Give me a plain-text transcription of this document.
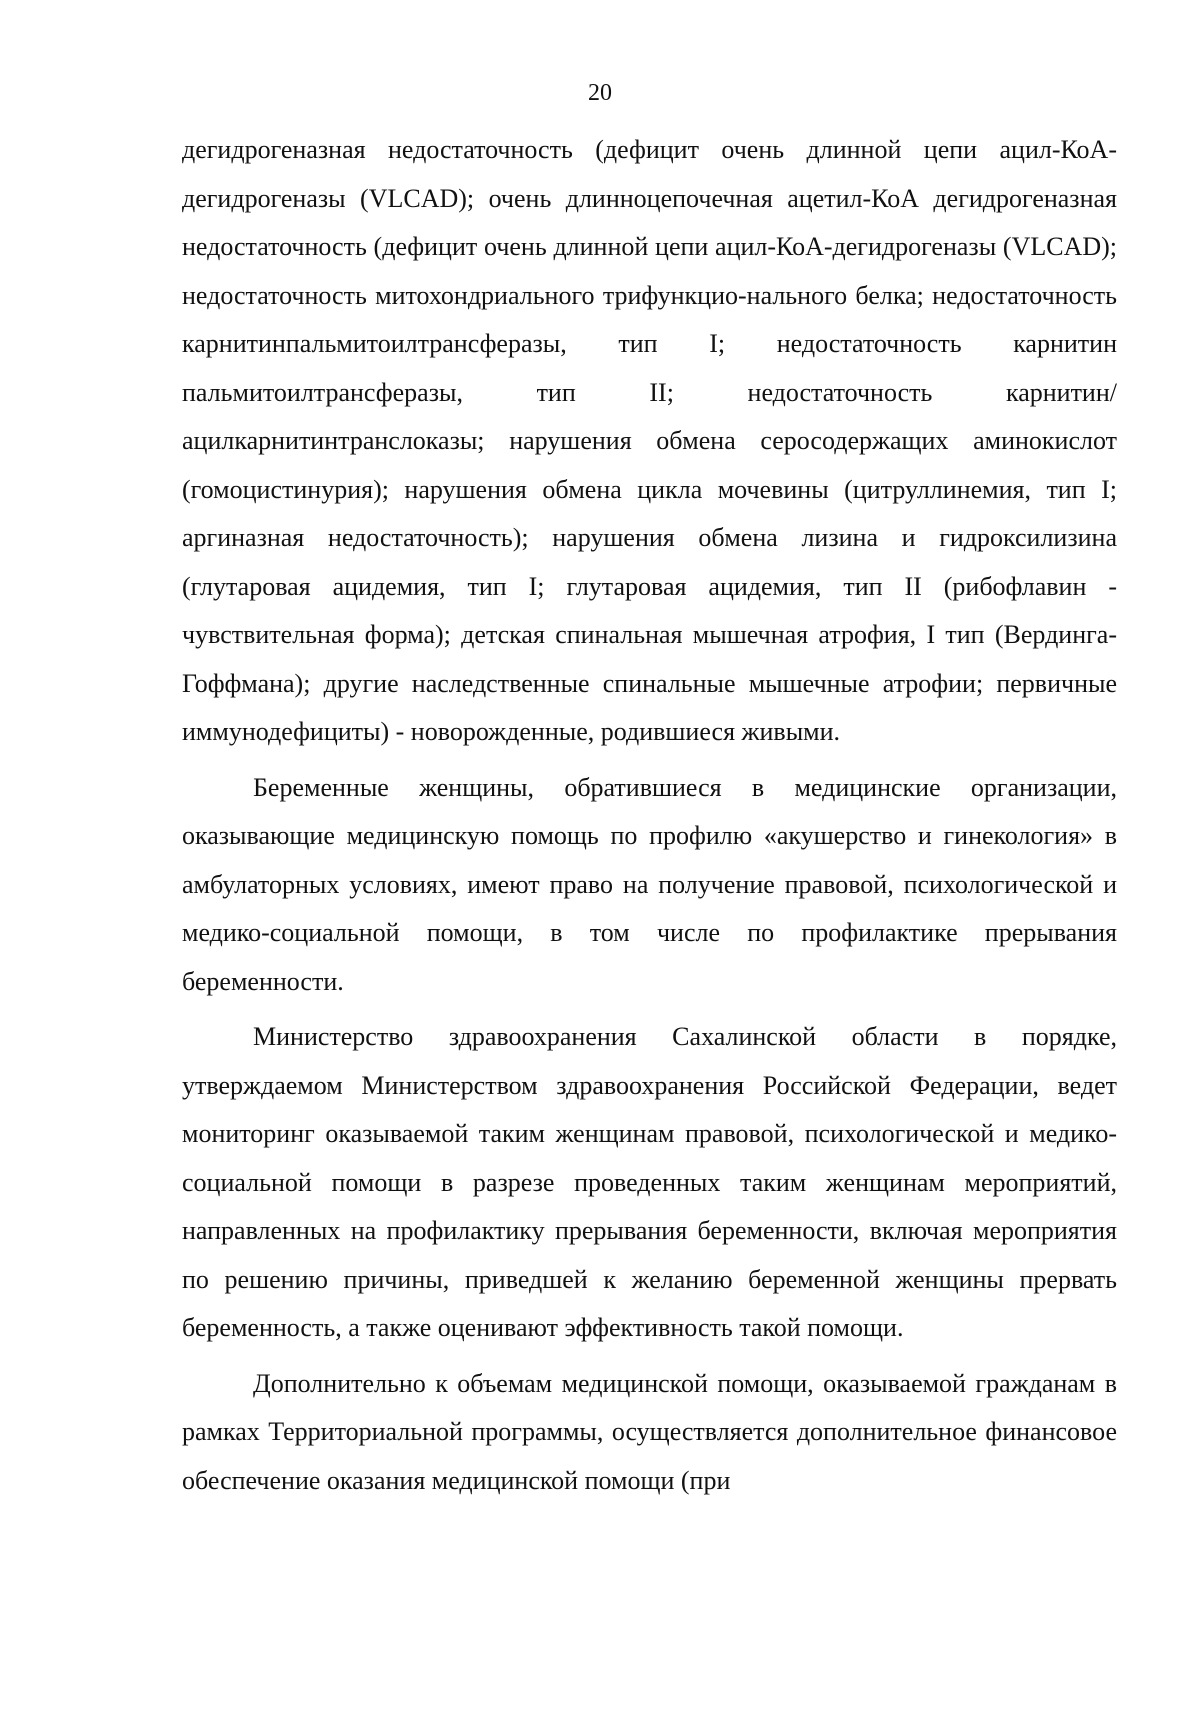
20

дегидрогеназная недостаточность (дефицит очень длинной цепи ацил-КоА-дегидрогеназы (VLCAD); очень длинноцепочечная ацетил-КоА дегидрогеназная недостаточность (дефицит очень длинной цепи ацил-КоА-дегидрогеназы (VLCAD); недостаточность митохондриального трифункцио-нального белка; недостаточность карнитинпальмитоилтрансферазы, тип I; недостаточность карнитин пальмитоилтрансферазы, тип II; недостаточность карнитин/ацилкарнитинтранслоказы; нарушения обмена серосодержащих аминокислот (гомоцистинурия); нарушения обмена цикла мочевины (цитруллинемия, тип I; аргиназная недостаточность); нарушения обмена лизина и гидроксилизина (глутаровая ацидемия, тип I; глутаровая ацидемия, тип II (рибофлавин - чувствительная форма); детская спинальная мышечная атрофия, I тип (Вердинга-Гоффмана); другие наследственные спинальные мышечные атрофии; первичные иммунодефициты) - новорожденные, родившиеся живыми.

Беременные женщины, обратившиеся в медицинские организации, оказывающие медицинскую помощь по профилю «акушерство и гинекология» в амбулаторных условиях, имеют право на получение правовой, психологической и медико-социальной помощи, в том числе по профилактике прерывания беременности.

Министерство здравоохранения Сахалинской области в порядке, утверждаемом Министерством здравоохранения Российской Федерации, ведет мониторинг оказываемой таким женщинам правовой, психологической и медико-социальной помощи в разрезе проведенных таким женщинам мероприятий, направленных на профилактику прерывания беременности, включая мероприятия по решению причины, приведшей к желанию беременной женщины прервать беременность, а также оценивают эффективность такой помощи.

Дополнительно к объемам медицинской помощи, оказываемой гражданам в рамках Территориальной программы, осуществляется дополнительное финансовое обеспечение оказания медицинской помощи (при
